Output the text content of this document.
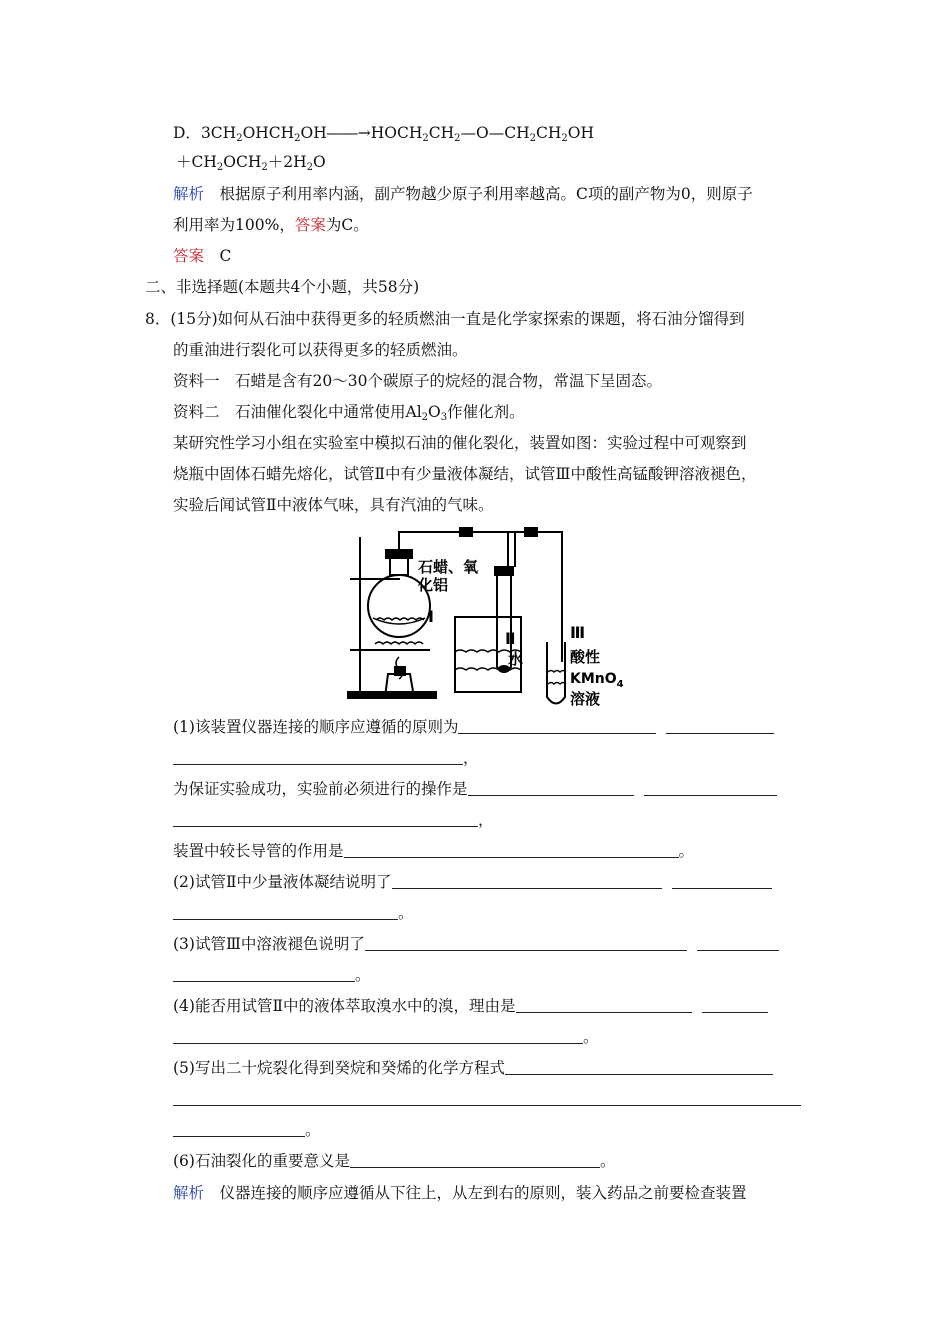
D．$3CH_2OHCH_2OH――\to HOCH_2CH_2—O—CH_2CH_2OH$
$+CH_2OCH_2+2H_2O$
解析　 根据原子利用率内涵，副产物越少原子利用率越高。C项的副产物为0，则原子
利用率为100%，答案为C。
答案　 C
二、非选择题(本题共4个小题，共58分)
8．(15分)如何从石油中获得更多的轻质燃油一直是化学家探索的课题，将石油分馏得到
的重油进行裂化可以获得更多的轻质燃油。
资料一　石蜡是含有20～30个碳原子的烷烃的混合物，常温下呈固态。
资料二　石油催化裂化中通常使用$Al_2O_3$作催化剂。
某研究性学习小组在实验室中模拟石油的催化裂化，装置如图：实验过程中可观察到
烧瓶中固体石蜡先熔化，试管Ⅱ中有少量液体凝结，试管Ⅲ中酸性高锰酸钾溶液褪色，
实验后闻试管Ⅱ中液体气味，具有汽油的气味。
石蜡、氧
化铝
Ⅰ
Ⅱ
水
Ⅲ
酸性
KMnO$_4$
溶液
(1)该装置仪器连接的顺序应遵循的原则为
，
为保证实验成功，实验前必须进行的操作是
，
装置中较长导管的作用是	。
(2)试管Ⅱ中少量液体凝结说明了
。
(3)试管Ⅲ中溶液褪色说明了
。
(4)能否用试管Ⅱ中的液体萃取溴水中的溴，理由是
。
(5)写出二十烷裂化得到癸烷和癸烯的化学方程式
。
(6)石油裂化的重要意义是	。
解析　 仪器连接的顺序应遵循从下往上，从左到右的原则，装入药品之前要检查装置
